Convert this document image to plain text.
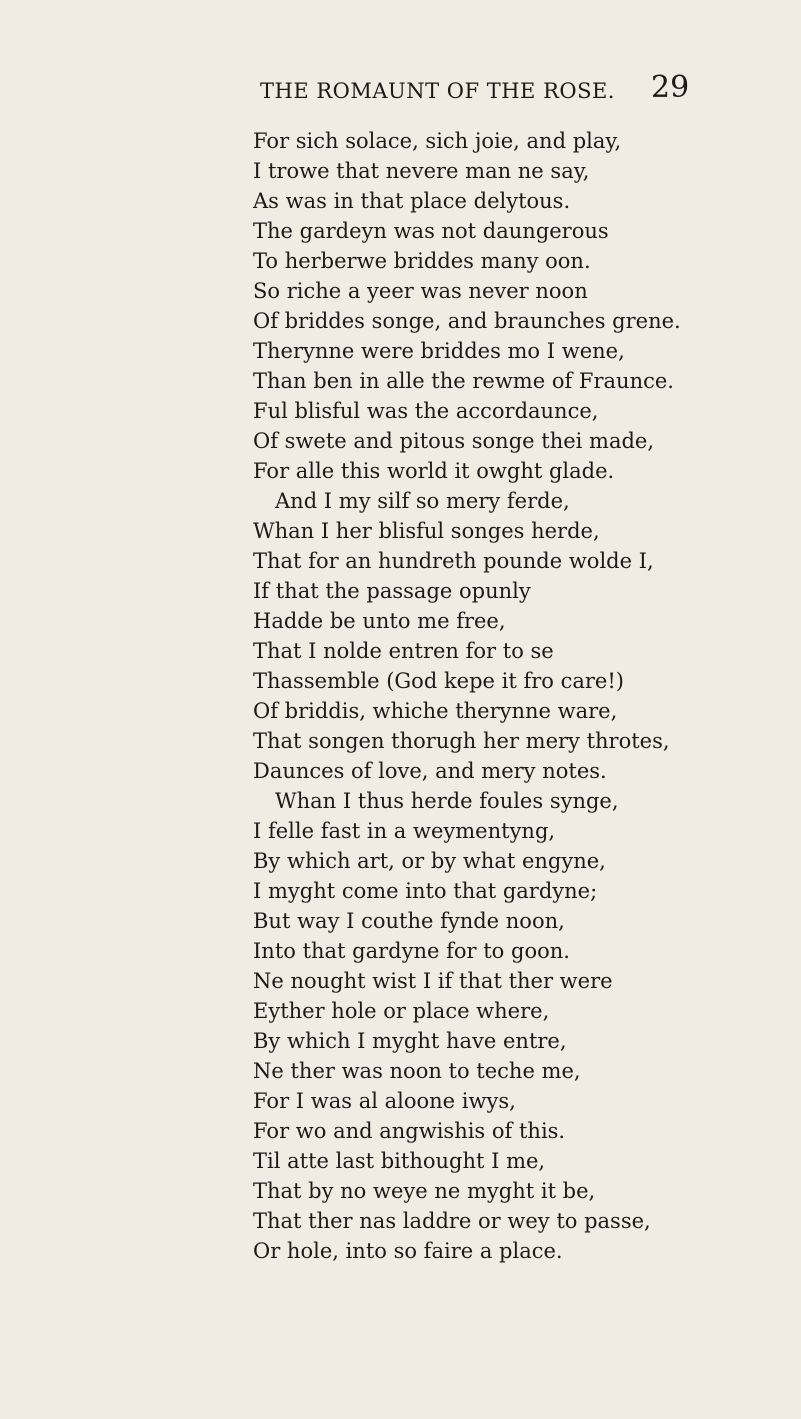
THE ROMAUNT OF THE ROSE. 29
For sich solace, sich joie, and play,
I trowe that nevere man ne say,
As was in that place delytous.
The gardeyn was not daungerous
To herberwe briddes many oon.
So riche a yeer was never noon
Of briddes songe, and braunches grene.
Therynne were briddes mo I wene,
Than ben in alle the rewme of Fraunce.
Ful blisful was the accordaunce,
Of swete and pitous songe thei made,
For alle this world it owght glade.
And I my silf so mery ferde,
Whan I her blisful songes herde,
That for an hundreth pounde wolde I,
If that the passage opunly
Hadde be unto me free,
That I nolde entren for to se
Thassemble (God kepe it fro care!)
Of briddis, whiche therynne ware,
That songen thorugh her mery throtes,
Daunces of love, and mery notes.
Whan I thus herde foules synge,
I felle fast in a weymentyng,
By which art, or by what engyne,
I myght come into that gardyne;
But way I couthe fynde noon,
Into that gardyne for to goon.
Ne nought wist I if that ther were
Eyther hole or place where,
By which I myght have entre,
Ne ther was noon to teche me,
For I was al aloone iwys,
For wo and angwishis of this.
Til atte last bithought I me,
That by no weye ne myght it be,
That ther nas laddre or wey to passe,
Or hole, into so faire a place.
